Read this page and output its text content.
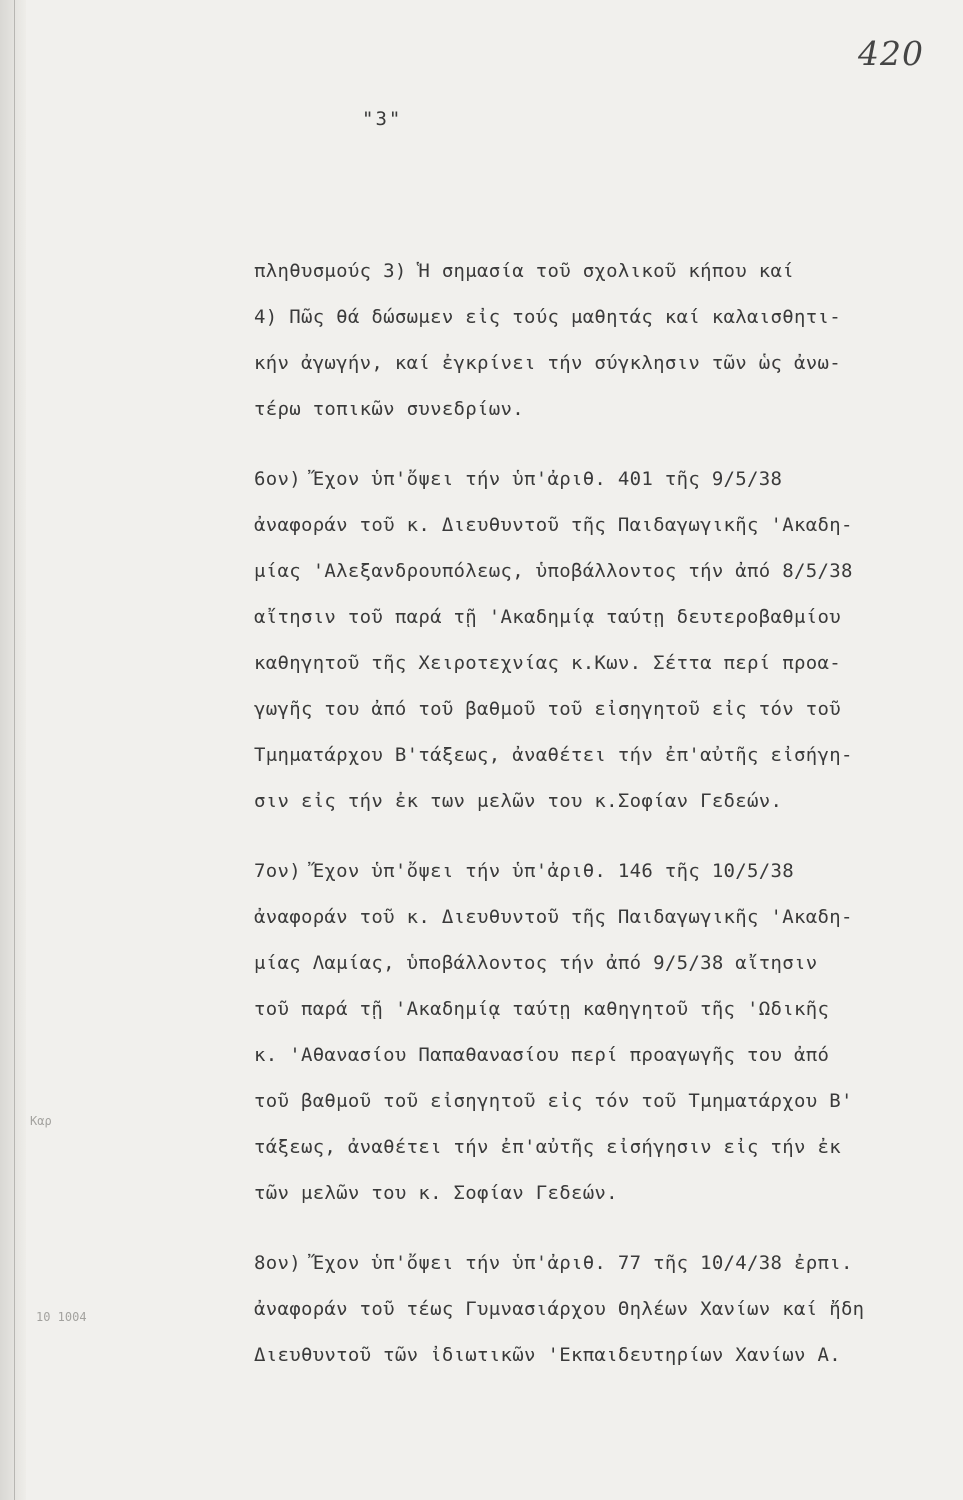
420
"3"
Καρ
10 1004
πληθυσμούς 3) Ἡ σημασία τοῦ σχολικοῦ κήπου καί
4) Πῶς θά δώσωμεν εἰς τούς μαθητάς καί καλαισθητι-
κήν ἀγωγήν, καί ἐγκρίνει τήν σύγκλησιν τῶν ὡς ἀνω-
τέρω τοπικῶν συνεδρίων.
6ον) Ἔχον ὑπ'ὄψει τήν ὑπ'ἀριθ. 401 τῆς 9/5/38
ἀναφοράν τοῦ κ. Διευθυντοῦ τῆς Παιδαγωγικῆς 'Ακαδη-
μίας 'Αλεξανδρουπόλεως, ὑποβάλλοντος τήν ἀπό 8/5/38
αἴτησιν τοῦ παρά τῇ 'Ακαδημίᾳ ταύτῃ δευτεροβαθμίου
καθηγητοῦ τῆς Χειροτεχνίας κ.Κων. Σέττα περί προα-
γωγῆς του ἀπό τοῦ βαθμοῦ τοῦ εἰσηγητοῦ εἰς τόν τοῦ
Τμηματάρχου Β'τάξεως, ἀναθέτει τήν ἐπ'αὐτῆς εἰσήγη-
σιν εἰς τήν ἐκ των μελῶν του κ.Σοφίαν Γεδεών.
7ον) Ἔχον ὑπ'ὄψει τήν ὑπ'ἀριθ. 146 τῆς 10/5/38
ἀναφοράν τοῦ κ. Διευθυντοῦ τῆς Παιδαγωγικῆς 'Ακαδη-
μίας Λαμίας, ὑποβάλλοντος τήν ἀπό 9/5/38 αἴτησιν
τοῦ παρά τῇ 'Ακαδημίᾳ ταύτῃ καθηγητοῦ τῆς 'Ωδικῆς
κ. 'Αθανασίου Παπαθανασίου περί προαγωγῆς του ἀπό
τοῦ βαθμοῦ τοῦ εἰσηγητοῦ εἰς τόν τοῦ Τμηματάρχου Β'
τάξεως, ἀναθέτει τήν ἐπ'αὐτῆς εἰσήγησιν εἰς τήν ἐκ
τῶν μελῶν του κ. Σοφίαν Γεδεών.
8ον) Ἔχον ὑπ'ὄψει τήν ὑπ'ἀριθ. 77 τῆς 10/4/38 ἐρπι.
ἀναφοράν τοῦ τέως Γυμνασιάρχου Θηλέων Χανίων καί ἤδη
Διευθυντοῦ τῶν ἰδιωτικῶν 'Εκπαιδευτηρίων Χανίων Α.
